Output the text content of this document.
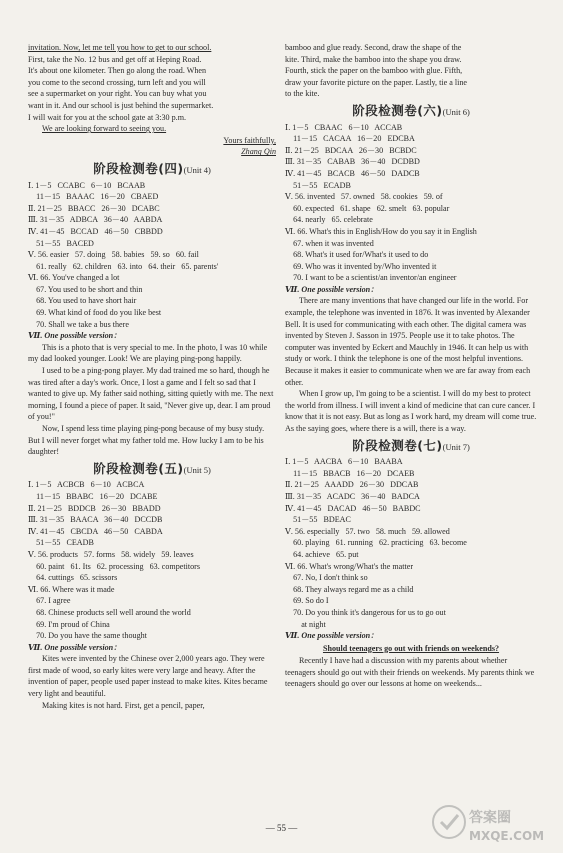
invitation. Now, let me tell you how to get to our school.

First, take the No. 12 bus and get off at Heping Road.

It's about one kilometer. Then go along the road. When

you come to the second crossing, turn left and you will

see a supermarket on your right. You can buy what you

want in it. And our school is just behind the supermarket.

I will wait for you at the school gate at 3:30 p.m.

We are looking forward to seeing you.

Yours faithfully,

Zhang Qin

阶段检测卷(四)(Unit 4)

Ⅰ. 1－5   CCABC   6－10   BCAAB

11－15   BAAAC   16－20   CBAED

Ⅱ. 21－25   BBACC   26－30   DCABC

Ⅲ. 31－35   ADBCA   36－40   AABDA

Ⅳ. 41－45   BCCAD   46－50   CBBDD

51－55   BACED

Ⅴ. 56. easier   57. doing   58. babies   59. so   60. fail

61. really   62. children   63. into   64. their   65. parents'

Ⅵ. 66. You've changed a lot

67. You used to be short and thin

68. You used to have short hair

69. What kind of food do you like best

70. Shall we take a bus there

Ⅶ. One possible version：

This is a photo that is very special to me. In the photo, I was 10 while my dad looked younger. Look! We are playing ping-pong happily.

I used to be a ping-pong player. My dad trained me so hard, though he was tired after a day's work. Once, I lost a game and I felt so sad that I wanted to give up. My father said nothing, sitting quietly with me. The next morning, I found a piece of paper. It said, "Never give up, dear. I am proud of you!"

Now, I spend less time playing ping-pong because of my busy study. But I will never forget what my father told me. How lucky I am to be his daughter!

阶段检测卷(五)(Unit 5)

Ⅰ. 1－5   ACBCB   6－10   ACBCA

11－15   BBABC   16－20   DCABE

Ⅱ. 21－25   BDDCB   26－30   BBADD

Ⅲ. 31－35   BAACA   36－40   DCCDB

Ⅳ. 41－45   CBCDA   46－50   CABDA

51－55   CEADB

Ⅴ. 56. products   57. forms   58. widely   59. leaves

60. paint   61. Its   62. processing   63. competitors

64. cuttings   65. scissors

Ⅵ. 66. Where was it made

67. I agree

68. Chinese products sell well around the world

69. I'm proud of China

70. Do you have the same thought

Ⅶ. One possible version：

Kites were invented by the Chinese over 2,000 years ago. They were first made of wood, so early kites were very large and heavy. After the invention of paper, people used paper instead to make kites. Kites became very light and beautiful.

Making kites is not hard. First, get a pencil, paper,

bamboo and glue ready. Second, draw the shape of the

kite. Third, make the bamboo into the shape you draw.

Fourth, stick the paper on the bamboo with glue. Fifth,

draw your favorite picture on the paper. Lastly, tie a line

to the kite.

阶段检测卷(六)(Unit 6)

Ⅰ. 1－5   CBAAC   6－10   ACCAB

11－15   CACAA   16－20   EDCBA

Ⅱ. 21－25   BDCAA   26－30   BCBDC

Ⅲ. 31－35   CABAB   36－40   DCDBD

Ⅳ. 41－45   BCACB   46－50   DADCB

51－55   ECADB

Ⅴ. 56. invented   57. owned   58. cookies   59. of

60. expected   61. shape   62. smelt   63. popular

64. nearly   65. celebrate

Ⅵ. 66. What's this in English/How do you say it in English

67. when it was invented

68. What's it used for/What's it used to do

69. Who was it invented by/Who invented it

70. I want to be a scientist/an inventor/an engineer

Ⅶ. One possible version：

There are many inventions that have changed our life in the world. For example, the telephone was invented in 1876. It was invented by Alexander Bell. It is used for communicating with each other. The digital camera was invented by Steven J. Sasson in 1975. People use it to take photos. The computer was invented by Eckert and Mauchly in 1946. It can help us with study or work. I think the telephone is one of the most helpful inventions. Because it makes it easier to communicate when we are far away from each other.

When I grow up, I'm going to be a scientist. I will do my best to protect the world from illness. I will invent a kind of medicine that can cure cancer. I know that it is not easy. But as long as I work hard, my dream will come true. As the saying goes, where there is a will, there is a way.

阶段检测卷(七)(Unit 7)

Ⅰ. 1－5   AACBA   6－10   BAABA

11－15   BBACB   16－20   DCAEB

Ⅱ. 21－25   AAADD   26－30   DDCAB

Ⅲ. 31－35   ACADC   36－40   BADCA

Ⅳ. 41－45   DACAD   46－50   BABDC

51－55   BDEAC

Ⅴ. 56. especially   57. two   58. much   59. allowed

60. playing   61. running   62. practicing   63. become

64. achieve   65. put

Ⅵ. 66. What's wrong/What's the matter

67. No, I don't think so

68. They always regard me as a child

69. So do I

70. Do you think it's dangerous for us to go out

at night

Ⅶ. One possible version：

Should teenagers go out with friends on weekends?

Recently I have had a discussion with my parents about whether teenagers should go out with their friends on weekends. My parents think we teenagers should go over our lessons at home on weekends...

— 55 —
答案圈
MXQE.COM
